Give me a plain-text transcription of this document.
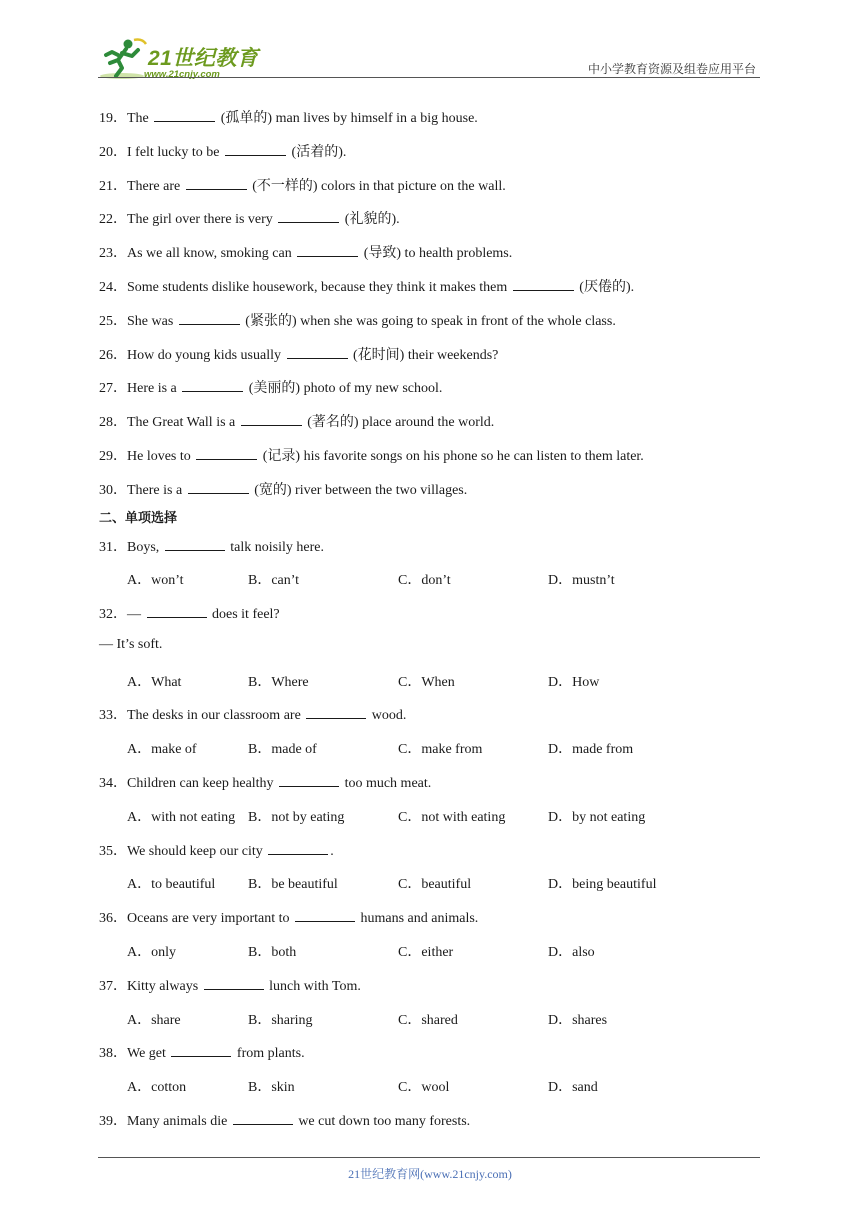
21世纪教育
www.21cnjy.com	中小学教育资源及组卷应用平台
19．The	(孤单的) man lives by himself in a big house.
20．I felt lucky to be	(活着的).
21．There are	(不一样的) colors in that picture on the wall.
22．The girl over there is very	(礼貌的).
23．As we all know, smoking can	(导致) to health problems.
24．Some students dislike housework, because they think it makes them	(厌倦的).
25．She was	(紧张的) when she was going to speak in front of the whole class.
26．How do young kids usually	(花时间) their weekends?
27．Here is a	(美丽的) photo of my new school.
28．The Great Wall is a	(著名的) place around the world.
29．He loves to	(记录) his favorite songs on his phone so he can listen to them later.
30．There is a	(宽的) river between the two villages.
二、单项选择
31．Boys,	talk noisily here.
A．won’t	B．can’t	C．don’t	D．mustn’t
32．—	does it feel?
— It’s soft.
A．What	B．Where	C．When	D．How
33．The desks in our classroom are	wood.
A．make of	B．made of	C．make from	D．made from
34．Children can keep healthy	too much meat.
A．with not eating B．not by eating	C．not with eating	D．by not eating
35．We should keep our city	.
A．to beautiful B．be beautiful	C．beautiful	D．being beautiful
36．Oceans are very important to	humans and animals.
A．only	B．both	C．either	D．also
37．Kitty always	lunch with Tom.
A．share	B．sharing	C．shared	D．shares
38．We get	from plants.
A．cotton	B．skin	C．wool	D．sand
39．Many animals die	we cut down too many forests.
21世纪教育网(www.21cnjy.com)
